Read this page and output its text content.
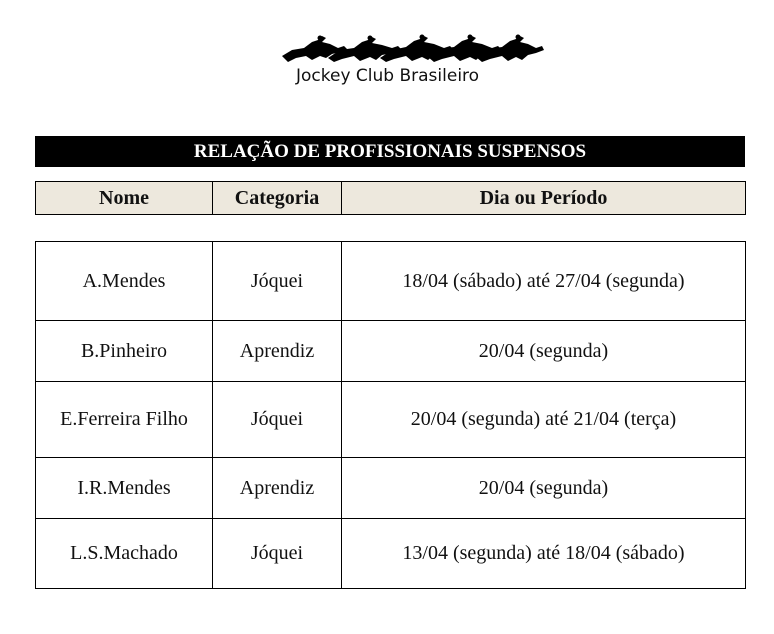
Jockey Club Brasileiro
RELAÇÃO DE PROFISSIONAIS SUSPENSOS
Nome	Categoria	Dia ou Período
A.Mendes	Jóquei	18/04 (sábado) até 27/04 (segunda)
B.Pinheiro	Aprendiz	20/04 (segunda)
E.Ferreira Filho	Jóquei	20/04 (segunda) até 21/04 (terça)
I.R.Mendes	Aprendiz	20/04 (segunda)
L.S.Machado	Jóquei	13/04 (segunda) até 18/04 (sábado)
